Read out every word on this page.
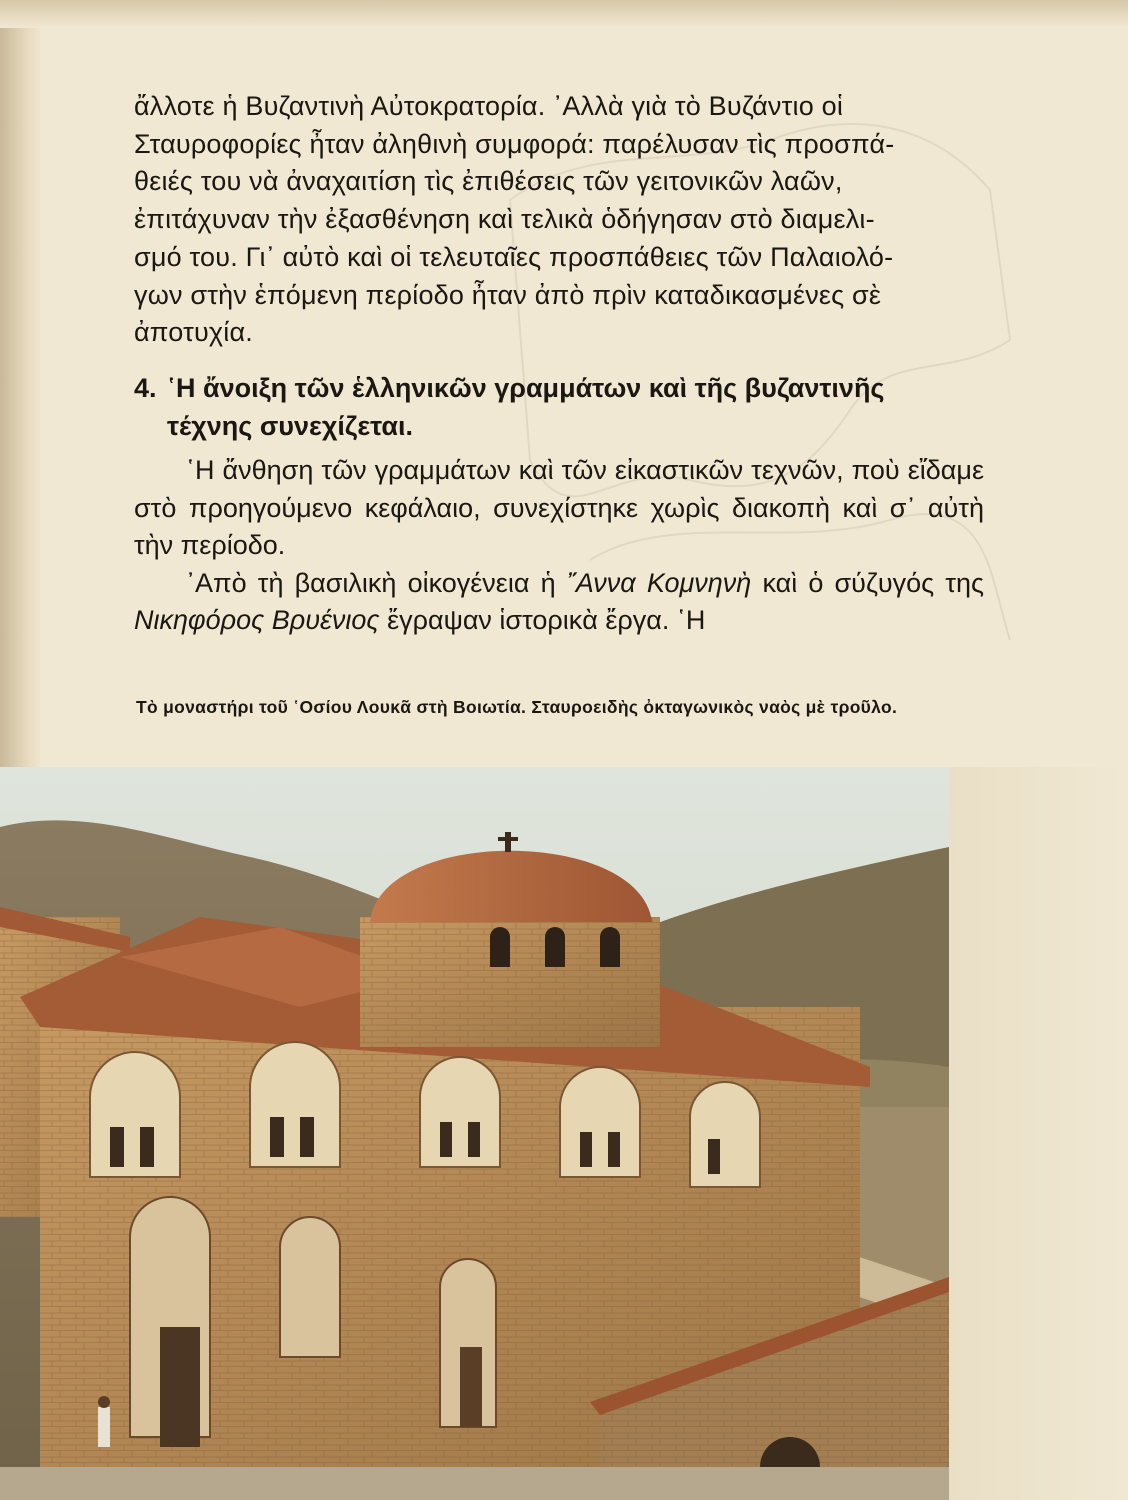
ἄλλοτε ἡ Βυζαντινὴ Αὐτοκρατορία. ᾿Αλλὰ γιὰ τὸ Βυζάντιο οἱ

Σταυροφορίες ἦταν ἀληθινὴ συμφορά: παρέλυσαν τὶς προσπά-

θειές του νὰ ἀναχαιτίση τὶς ἐπιθέσεις τῶν γειτονικῶν λαῶν,

ἐπιτάχυναν τὴν ἐξασθένηση καὶ τελικὰ ὁδήγησαν στὸ διαμελι-

σμό του. Γι᾿ αὐτὸ καὶ οἱ τελευταῖες προσπάθειες τῶν Παλαιολό-

γων στὴν ἑπόμενη περίοδο ἦταν ἀπὸ πρὶν καταδικασμένες σὲ

ἀποτυχία.

4. ῾Η ἄνοιξη τῶν ἑλληνικῶν γραμμάτων καὶ τῆς βυζαντινῆς
τέχνης συνεχίζεται.

῾Η ἄνθηση τῶν γραμμάτων καὶ τῶν εἰκαστικῶν τεχνῶν, ποὺ εἴδαμε στὸ προηγούμενο κεφάλαιο, συνεχίστηκε χωρὶς διακοπὴ καὶ σ᾿ αὐτὴ τὴν περίοδο.

᾿Απὸ τὴ βασιλικὴ οἰκογένεια ἡ ῎Αννα Κομνηνὴ καὶ ὁ σύζυγός της Νικηφόρος Βρυένιος ἔγραψαν ἱστορικὰ ἔργα. ῾Η

Τὸ μοναστήρι τοῦ ῾Οσίου Λουκᾶ στὴ Βοιωτία. Σταυροειδὴς ὀκταγωνικὸς ναὸς μὲ τροῦλο.
